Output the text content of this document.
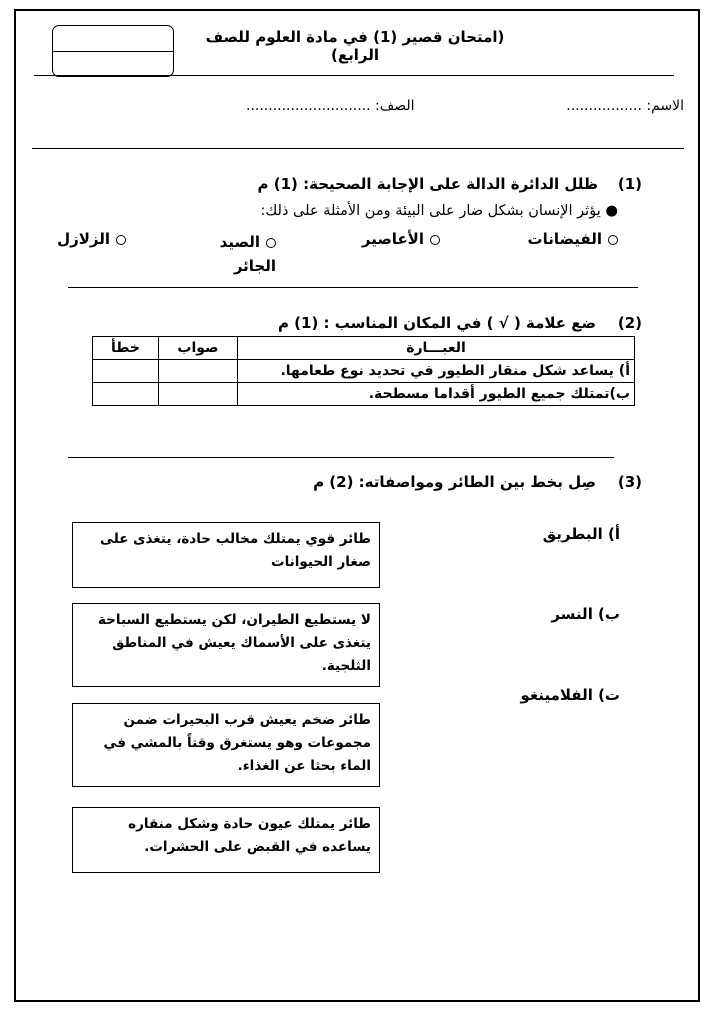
(امتحان قصير (1) في مادة العلوم للصف الرابع)
الاسم: .................
الصف: ............................
(1)
ظلل الدائرة الدالة على الإجابة الصحيحة: (1) م
● يؤثر الإنسان بشكل ضار على البيئة ومن الأمثلة على ذلك:
الفيضانات
الأعاصير
الصيد الجائر
الزلازل
(2)
ضع علامة ( √ ) في المكان المناسب : (1) م
العبـــارة	صواب	خطأ
أ) يساعد شكل منقار الطيور في تحديد نوع طعامها.		
ب)تمتلك جميع الطيور أقداما مسطحة.		
(3)
صِل بخط بين الطائر ومواصفاته: (2) م
أ) البطريق
ب) النسر
ت) الفلامينغو
طائر قوي يمتلك مخالب حادة، يتغذى على صغار الحيوانات
لا يستطيع الطيران، لكن يستطيع السباحة يتغذى على الأسماك يعيش في المناطق الثلجية.
طائر ضخم يعيش قرب البحيرات ضمن مجموعات وهو يستغرق وقتاً بالمشي في الماء بحثا عن الغذاء.
طائر يمتلك عيون حادة وشكل منقاره يساعده في القبض على الحشرات.
